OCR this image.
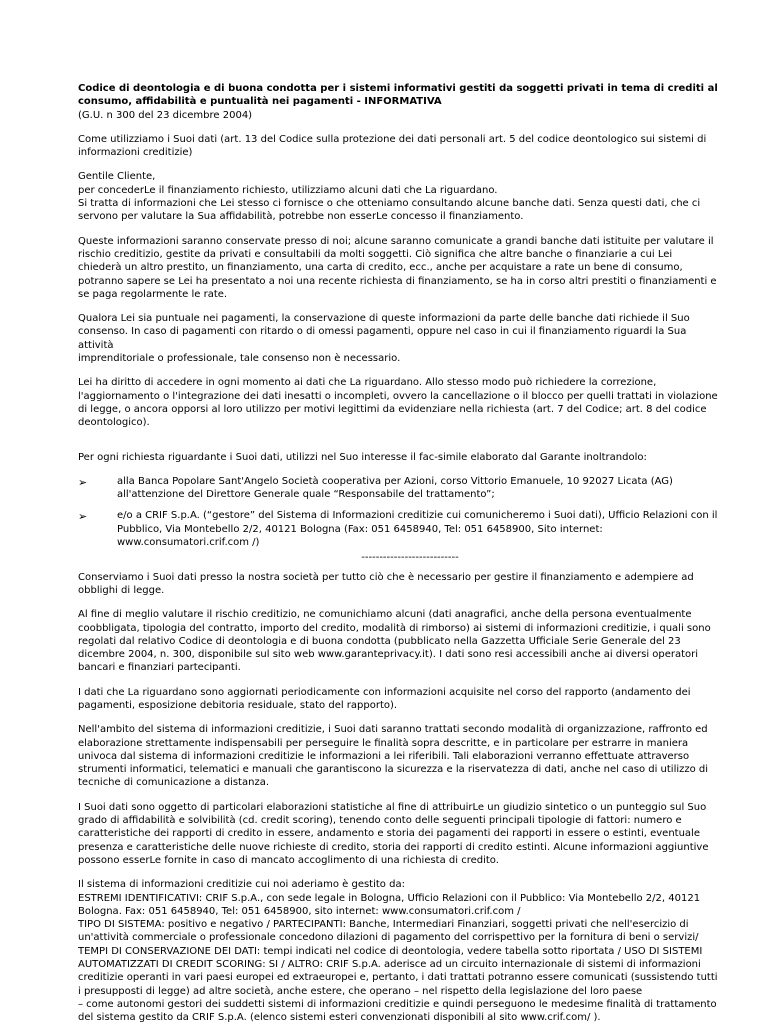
Codice di deontologia e di buona condotta per i sistemi informativi gestiti da soggetti privati in tema di crediti al consumo, affidabilità e puntualità nei pagamenti - INFORMATIVA
(G.U. n 300 del 23 dicembre 2004)

Come utilizziamo i Suoi dati (art. 13 del Codice sulla protezione dei dati personali art. 5 del codice deontologico sui sistemi di informazioni creditizie)

Gentile Cliente,
per concederLe il finanziamento richiesto, utilizziamo alcuni dati che La riguardano.
Si tratta di informazioni che Lei stesso ci fornisce o che otteniamo consultando alcune banche dati. Senza questi dati, che ci servono per valutare la Sua affidabilità, potrebbe non esserLe concesso il finanziamento.

Queste informazioni saranno conservate presso di noi; alcune saranno comunicate a grandi banche dati istituite per valutare il rischio creditizio, gestite da privati e consultabili da molti soggetti. Ciò significa che altre banche o finanziarie a cui Lei chiederà un altro prestito, un finanziamento, una carta di credito, ecc., anche per acquistare a rate un bene di consumo, potranno sapere se Lei ha presentato a noi una recente richiesta di finanziamento, se ha in corso altri prestiti o finanziamenti e se paga regolarmente le rate.

Qualora Lei sia puntuale nei pagamenti, la conservazione di queste informazioni da parte delle banche dati richiede il Suo consenso. In caso di pagamenti con ritardo o di omessi pagamenti, oppure nel caso in cui il finanziamento riguardi la Sua attività
imprenditoriale o professionale, tale consenso non è necessario.

Lei ha diritto di accedere in ogni momento ai dati che La riguardano. Allo stesso modo può richiedere la correzione, l'aggiornamento o l'integrazione dei dati inesatti o incompleti, ovvero la cancellazione o il blocco per quelli trattati in violazione di legge, o ancora opporsi al loro utilizzo per motivi legittimi da evidenziare nella richiesta (art. 7 del Codice; art. 8 del codice deontologico).

Per ogni richiesta riguardante i Suoi dati, utilizzi nel Suo interesse il fac-simile elaborato dal Garante inoltrandolo:

➢	alla Banca Popolare Sant'Angelo Società cooperativa per Azioni, corso Vittorio Emanuele, 10 92027 Licata (AG) all'attenzione del Direttore Generale quale “Responsabile del trattamento”;
➢	e/o a CRIF S.p.A. (“gestore” del Sistema di Informazioni creditizie cui comunicheremo i Suoi dati), Ufficio Relazioni con il Pubblico, Via Montebello 2/2, 40121 Bologna (Fax: 051 6458940, Tel: 051 6458900, Sito internet: www.consumatori.crif.com /)
---------------------------

Conserviamo i Suoi dati presso la nostra società per tutto ciò che è necessario per gestire il finanziamento e adempiere ad obblighi di legge.

Al fine di meglio valutare il rischio creditizio, ne comunichiamo alcuni (dati anagrafici, anche della persona eventualmente coobbligata, tipologia del contratto, importo del credito, modalità di rimborso) ai sistemi di informazioni creditizie, i quali sono regolati dal relativo Codice di deontologia e di buona condotta (pubblicato nella Gazzetta Ufficiale Serie Generale del 23 dicembre 2004, n. 300, disponibile sul sito web www.garanteprivacy.it). I dati sono resi accessibili anche ai diversi operatori bancari e finanziari partecipanti.

I dati che La riguardano sono aggiornati periodicamente con informazioni acquisite nel corso del rapporto (andamento dei pagamenti, esposizione debitoria residuale, stato del rapporto).

Nell'ambito del sistema di informazioni creditizie, i Suoi dati saranno trattati secondo modalità di organizzazione, raffronto ed elaborazione strettamente indispensabili per perseguire le finalità sopra descritte, e in particolare per estrarre in maniera univoca dal sistema di informazioni creditizie le informazioni a lei riferibili. Tali elaborazioni verranno effettuate attraverso strumenti informatici, telematici e manuali che garantiscono la sicurezza e la riservatezza di dati, anche nel caso di utilizzo di tecniche di comunicazione a distanza.

I Suoi dati sono oggetto di particolari elaborazioni statistiche al fine di attribuirLe un giudizio sintetico o un punteggio sul Suo grado di affidabilità e solvibilità (cd. credit scoring), tenendo conto delle seguenti principali tipologie di fattori: numero e caratteristiche dei rapporti di credito in essere, andamento e storia dei pagamenti dei rapporti in essere o estinti, eventuale presenza e caratteristiche delle nuove richieste di credito, storia dei rapporti di credito estinti. Alcune informazioni aggiuntive possono esserLe fornite in caso di mancato accoglimento di una richiesta di credito.

Il sistema di informazioni creditizie cui noi aderiamo è gestito da:
ESTREMI IDENTIFICATIVI: CRIF S.p.A., con sede legale in Bologna, Ufficio Relazioni con il Pubblico: Via Montebello 2/2, 40121 Bologna. Fax: 051 6458940, Tel: 051 6458900, sito internet: www.consumatori.crif.com /
TIPO DI SISTEMA: positivo e negativo / PARTECIPANTI: Banche, Intermediari Finanziari, soggetti privati che nell'esercizio di un'attività commerciale o professionale concedono dilazioni di pagamento del corrispettivo per la fornitura di beni o servizi/
TEMPI DI CONSERVAZIONE DEI DATI: tempi indicati nel codice di deontologia, vedere tabella sotto riportata / USO DI SISTEMI AUTOMATIZZATI DI CREDIT SCORING: SI / ALTRO: CRIF S.p.A. aderisce ad un circuito internazionale di sistemi di informazioni creditizie operanti in vari paesi europei ed extraeuropei e, pertanto, i dati trattati potranno essere comunicati (sussistendo tutti i presupposti di legge) ad altre società, anche estere, che operano – nel rispetto della legislazione del loro paese
– come autonomi gestori dei suddetti sistemi di informazioni creditizie e quindi perseguono le medesime finalità di trattamento del sistema gestito da CRIF S.p.A. (elenco sistemi esteri convenzionati disponibili al sito www.crif.com/ ).
